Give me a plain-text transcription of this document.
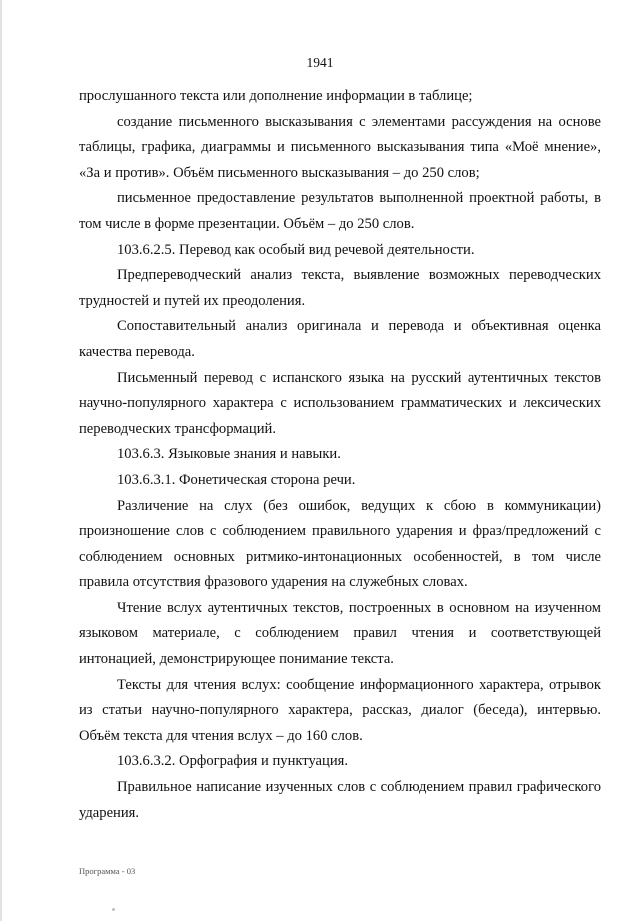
1941

прослушанного текста или дополнение информации в таблице;

создание письменного высказывания с элементами рассуждения на основе таблицы, графика, диаграммы и письменного высказывания типа «Моё мнение», «За и против». Объём письменного высказывания – до 250 слов;

письменное предоставление результатов выполненной проектной работы, в том числе в форме презентации. Объём – до 250 слов.

103.6.2.5. Перевод как особый вид речевой деятельности.

Предпереводческий анализ текста, выявление возможных переводческих трудностей и путей их преодоления.

Сопоставительный анализ оригинала и перевода и объективная оценка качества перевода.

Письменный перевод с испанского языка на русский аутентичных текстов научно-популярного характера с использованием грамматических и лексических переводческих трансформаций.

103.6.3. Языковые знания и навыки.

103.6.3.1. Фонетическая сторона речи.

Различение на слух (без ошибок, ведущих к сбою в коммуникации) произношение слов с соблюдением правильного ударения и фраз/предложений с соблюдением основных ритмико-интонационных особенностей, в том числе правила отсутствия фразового ударения на служебных словах.

Чтение вслух аутентичных текстов, построенных в основном на изученном языковом материале, с соблюдением правил чтения и соответствующей интонацией, демонстрирующее понимание текста.

Тексты для чтения вслух: сообщение информационного характера, отрывок из статьи научно-популярного характера, рассказ, диалог (беседа), интервью. Объём текста для чтения вслух – до 160 слов.

103.6.3.2. Орфография и пунктуация.

Правильное написание изученных слов с соблюдением правил графического ударения.

Программа - 03
